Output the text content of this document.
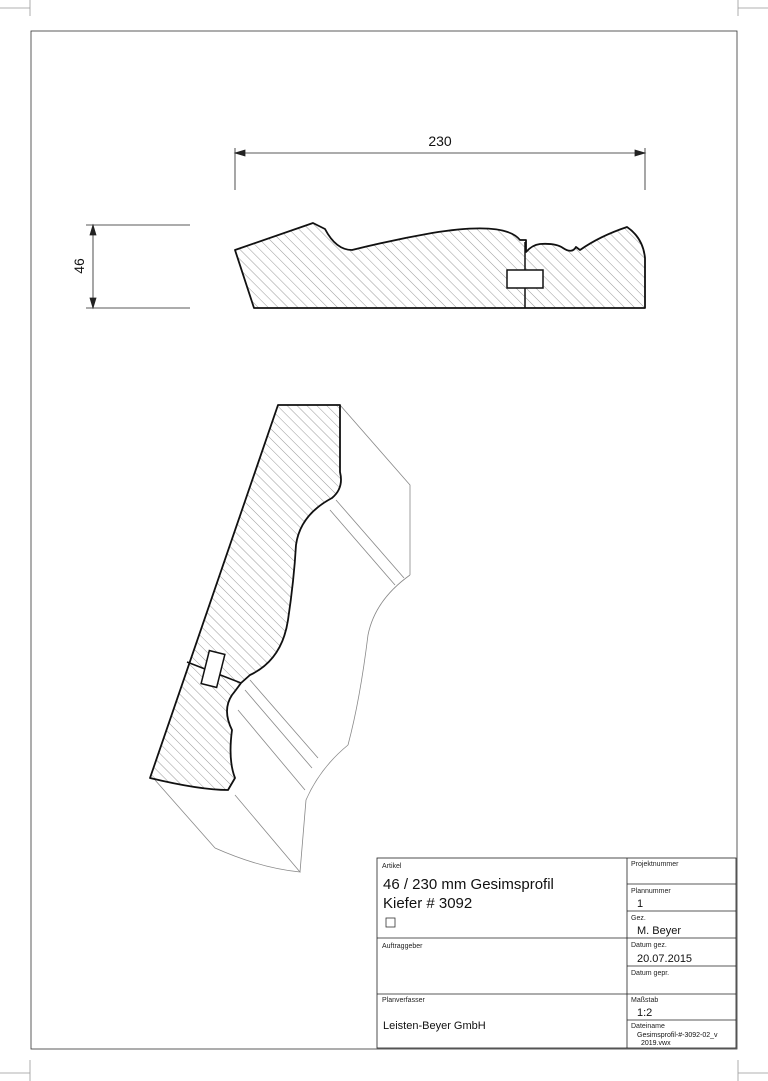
230
46
Artikel
46 / 230 mm Gesimsprofil
Kiefer # 3092
Projektnummer
Plannummer
1
Gez.
M. Beyer
Auftraggeber	Datum gez.
20.07.2015
Datum gepr.
Planverfasser
Leisten-Beyer GmbH
Maßstab
1:2
Dateiname
Gesimsprofil-#-3092-02_v
2019.vwx
